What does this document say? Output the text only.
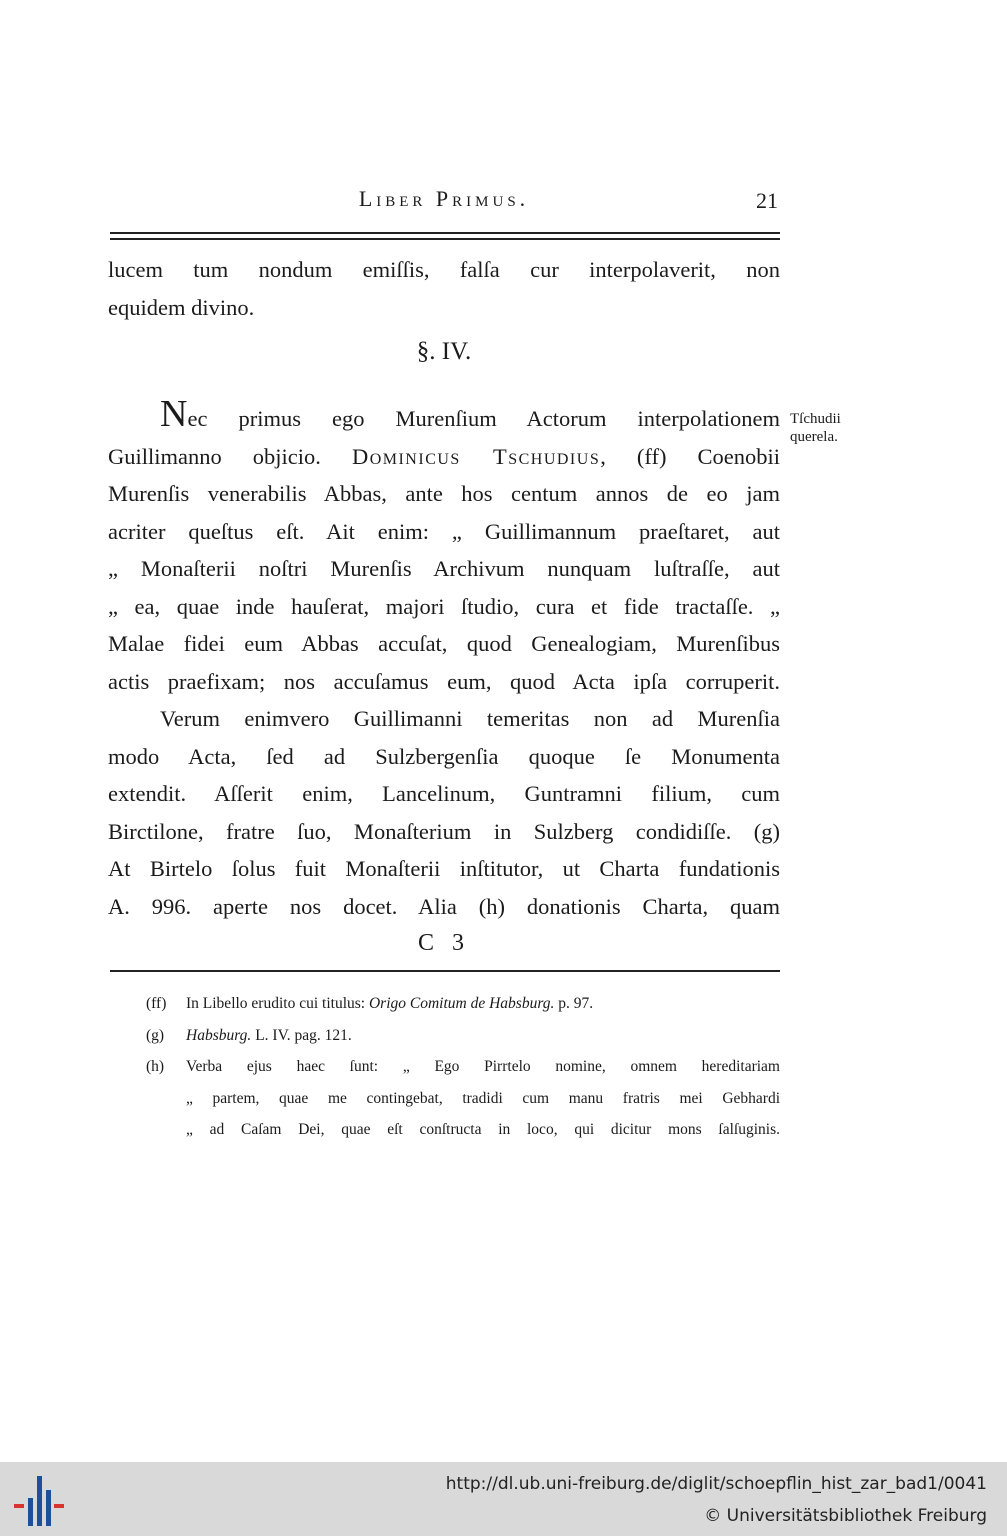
Liber Primus.	21
lucem tum nondum emiſſis, falſa cur interpolaverit, non
equidem divino.
§. IV.
Tſchudii
querela.
Nec primus ego Murenſium Actorum interpolationem
Guillimanno objicio. Dominicus Tschudius, (ff) Coenobii
Murenſis venerabilis Abbas, ante hos centum annos de eo jam
acriter queſtus eſt. Ait enim: „ Guillimannum praeſtaret, aut
„ Monaſterii noſtri Murenſis Archivum nunquam luſtraſſe, aut
„ ea, quae inde hauſerat, majori ſtudio, cura et fide tractaſſe. „
Malae fidei eum Abbas accuſat, quod Genealogiam, Murenſibus
actis praefixam; nos accuſamus eum, quod Acta ipſa corruperit.
Verum enimvero Guillimanni temeritas non ad Murenſia
modo Acta, ſed ad Sulzbergenſia quoque ſe Monumenta
extendit. Aſſerit enim, Lancelinum, Guntramni filium, cum
Birctilone, fratre ſuo, Monaſterium in Sulzberg condidiſſe. (g)
At Birtelo ſolus fuit Monaſterii inſtitutor, ut Charta fundationis
A. 996. aperte nos docet. Alia (h) donationis Charta, quam
C 3
(ff) In Libello erudito cui titulus: Origo Comitum de Habsburg. p. 97.
(g) Habsburg. L. IV. pag. 121.
(h) Verba ejus haec ſunt: „ Ego Pirrtelo nomine, omnem hereditariam
„ partem, quae me contingebat, tradidi cum manu fratris mei Gebhardi
„ ad Caſam Dei, quae eſt conſtructa in loco, qui dicitur mons ſalſuginis.
http://dl.ub.uni-freiburg.de/diglit/schoepflin_hist_zar_bad1/0041
© Universitätsbibliothek Freiburg
